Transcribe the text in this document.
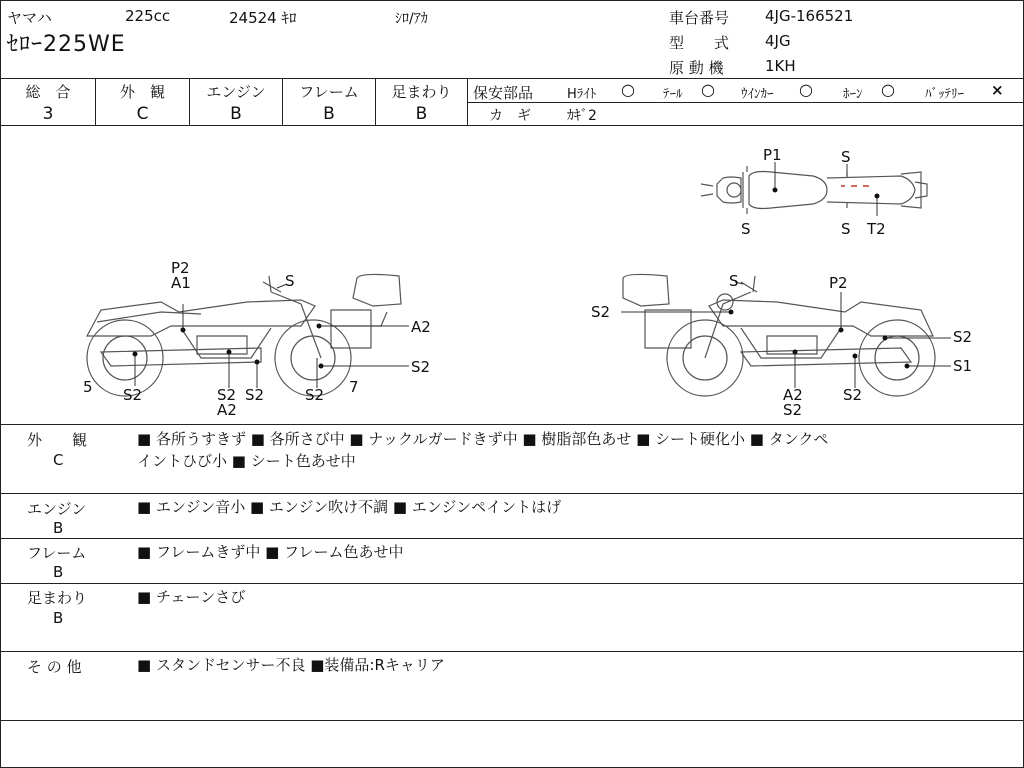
ヤマハ	225cc	24524 ｷﾛ	ｼﾛ/ｱｶ
ｾﾛｰ225WE
車台番号 4JG-166521
型　　式 4JG
原 動 機	1KH
総　合
3
外　観
C
エンジン
B
フレーム
B
足まわり
B
保安部品	Hﾗｲﾄ ○ ﾃｰﾙ ○ ｳｲﾝｶｰ ○ ﾎｰﾝ ○ ﾊﾞｯﾃﾘｰ ×
カ　ギ	ｶｷﾞ2
P1	S
S	S T2
P2
A1	S
A2
S2
5 S2	S2
A2
S2	S2 7
S	P2
S2
S2
S1
A2
S2
S2
外　　観
C
■ 各所うすきず ■ 各所さび中 ■ ナックルガードきず中 ■ 樹脂部色あせ ■ シート硬化小 ■ タンクペ
イントひび小 ■ シート色あせ中
エンジン
B
■ エンジン音小 ■ エンジン吹け不調 ■ エンジンペイントはげ
フレーム
B
■ フレームきず中 ■ フレーム色あせ中
足まわり
B
■ チェーンさび
そ の 他	■ スタンドセンサー不良 ■装備品:Rキャリア
